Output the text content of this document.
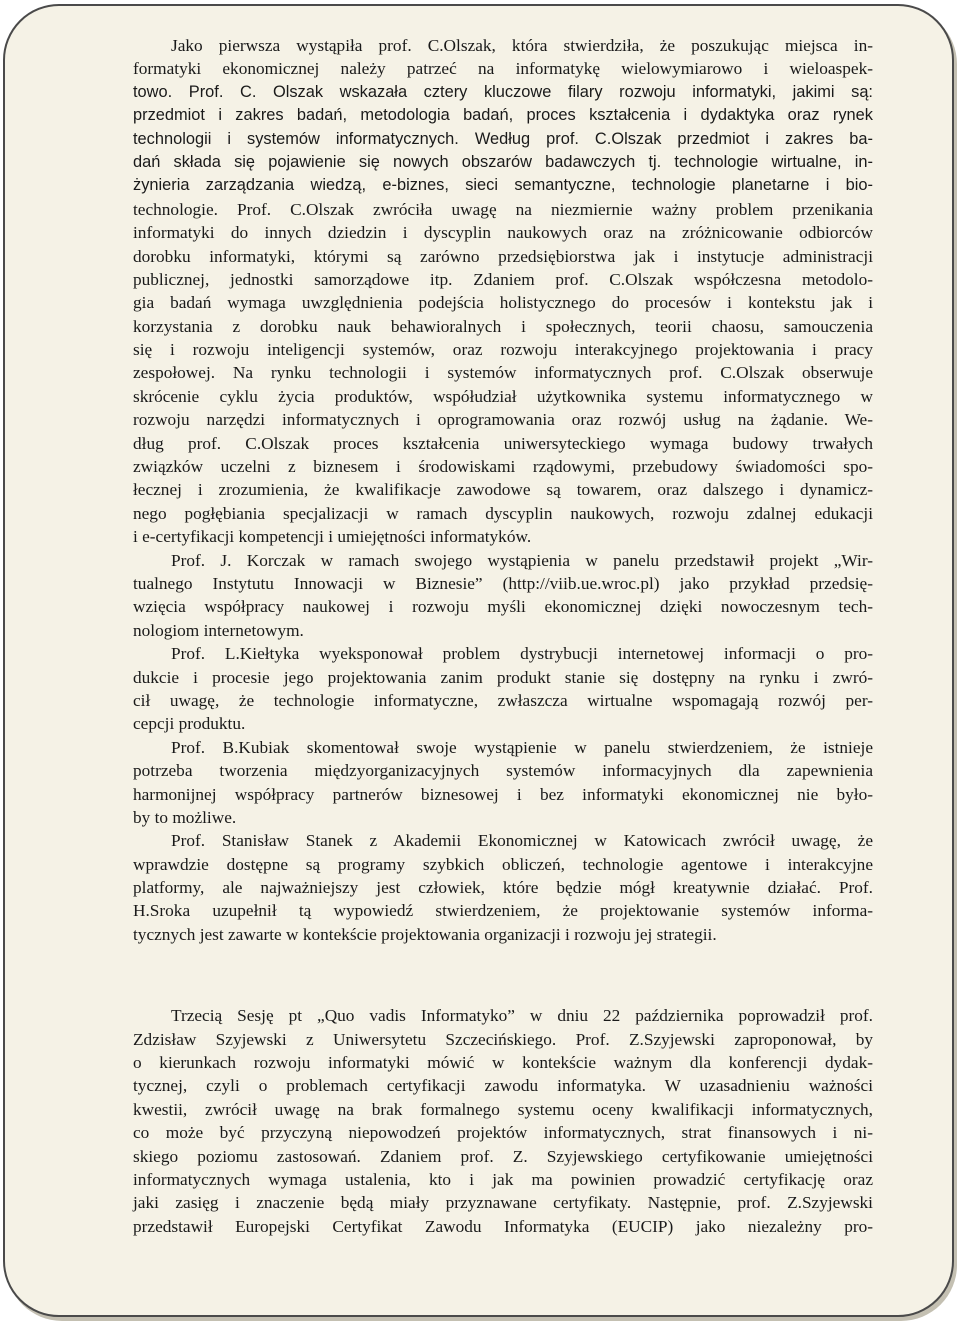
Jako pierwsza wystąpiła prof. C.Olszak, która stwierdziła, że poszukując miejsca in-
formatyki ekonomicznej należy patrzeć na informatykę wielowymiarowo i wieloaspek-
towo. Prof. C. Olszak wskazała cztery kluczowe filary rozwoju informatyki, jakimi są:
przedmiot i zakres badań, metodologia badań, proces kształcenia i dydaktyka oraz rynek
technologii i systemów informatycznych. Według prof. C.Olszak przedmiot i zakres ba-
dań składa się pojawienie się nowych obszarów badawczych tj. technologie wirtualne, in-
żynieria zarządzania wiedzą, e-biznes, sieci semantyczne, technologie planetarne i bio-
technologie. Prof. C.Olszak zwróciła uwagę na niezmiernie ważny problem przenikania
informatyki do innych dziedzin i dyscyplin naukowych oraz na zróżnicowanie odbiorców
dorobku informatyki, którymi są zarówno przedsiębiorstwa jak i instytucje administracji
publicznej, jednostki samorządowe itp. Zdaniem prof. C.Olszak współczesna metodolo-
gia badań wymaga uwzględnienia podejścia holistycznego do procesów i kontekstu jak i
korzystania z dorobku nauk behawioralnych i społecznych, teorii chaosu, samouczenia
się i rozwoju inteligencji systemów, oraz rozwoju interakcyjnego projektowania i pracy
zespołowej. Na rynku technologii i systemów informatycznych prof. C.Olszak obserwuje
skrócenie cyklu życia produktów, współudział użytkownika systemu informatycznego w
rozwoju narzędzi informatycznych i oprogramowania oraz rozwój usług na żądanie. We-
dług prof. C.Olszak proces kształcenia uniwersyteckiego wymaga budowy trwałych
związków uczelni z biznesem i środowiskami rządowymi, przebudowy świadomości spo-
łecznej i zrozumienia, że kwalifikacje zawodowe są towarem, oraz dalszego i dynamicz-
nego pogłębiania specjalizacji w ramach dyscyplin naukowych, rozwoju zdalnej edukacji
i e-certyfikacji kompetencji i umiejętności informatyków.
Prof. J. Korczak w ramach swojego wystąpienia w panelu przedstawił projekt „Wir-
tualnego Instytutu Innowacji w Biznesie” (http://viib.ue.wroc.pl) jako przykład przedsię-
wzięcia współpracy naukowej i rozwoju myśli ekonomicznej dzięki nowoczesnym tech-
nologiom internetowym.
Prof. L.Kiełtyka wyeksponował problem dystrybucji internetowej informacji o pro-
dukcie i procesie jego projektowania zanim produkt stanie się dostępny na rynku i zwró-
cił uwagę, że technologie informatyczne, zwłaszcza wirtualne wspomagają rozwój per-
cepcji produktu.
Prof. B.Kubiak skomentował swoje wystąpienie w panelu stwierdzeniem, że istnieje
potrzeba tworzenia międzyorganizacyjnych systemów informacyjnych dla zapewnienia
harmonijnej współpracy partnerów biznesowej i bez informatyki ekonomicznej nie było-
by to możliwe.
Prof. Stanisław Stanek z Akademii Ekonomicznej w Katowicach zwrócił uwagę, że
wprawdzie dostępne są programy szybkich obliczeń, technologie agentowe i interakcyjne
platformy, ale najważniejszy jest człowiek, które będzie mógł kreatywnie działać. Prof.
H.Sroka uzupełnił tą wypowiedź stwierdzeniem, że projektowanie systemów informa-
tycznych jest zawarte w kontekście projektowania organizacji i rozwoju jej strategii.
Trzecią Sesję pt „Quo vadis Informatyko” w dniu 22 października poprowadził prof.
Zdzisław Szyjewski z Uniwersytetu Szczecińskiego. Prof. Z.Szyjewski zaproponował, by
o kierunkach rozwoju informatyki mówić w kontekście ważnym dla konferencji dydak-
tycznej, czyli o problemach certyfikacji zawodu informatyka. W uzasadnieniu ważności
kwestii, zwrócił uwagę na brak formalnego systemu oceny kwalifikacji informatycznych,
co może być przyczyną niepowodzeń projektów informatycznych, strat finansowych i ni-
skiego poziomu zastosowań. Zdaniem prof. Z. Szyjewskiego certyfikowanie umiejętności
informatycznych wymaga ustalenia, kto i jak ma powinien prowadzić certyfikację oraz
jaki zasięg i znaczenie będą miały przyznawane certyfikaty. Następnie, prof. Z.Szyjewski
przedstawił Europejski Certyfikat Zawodu Informatyka (EUCIP) jako niezależny pro-
